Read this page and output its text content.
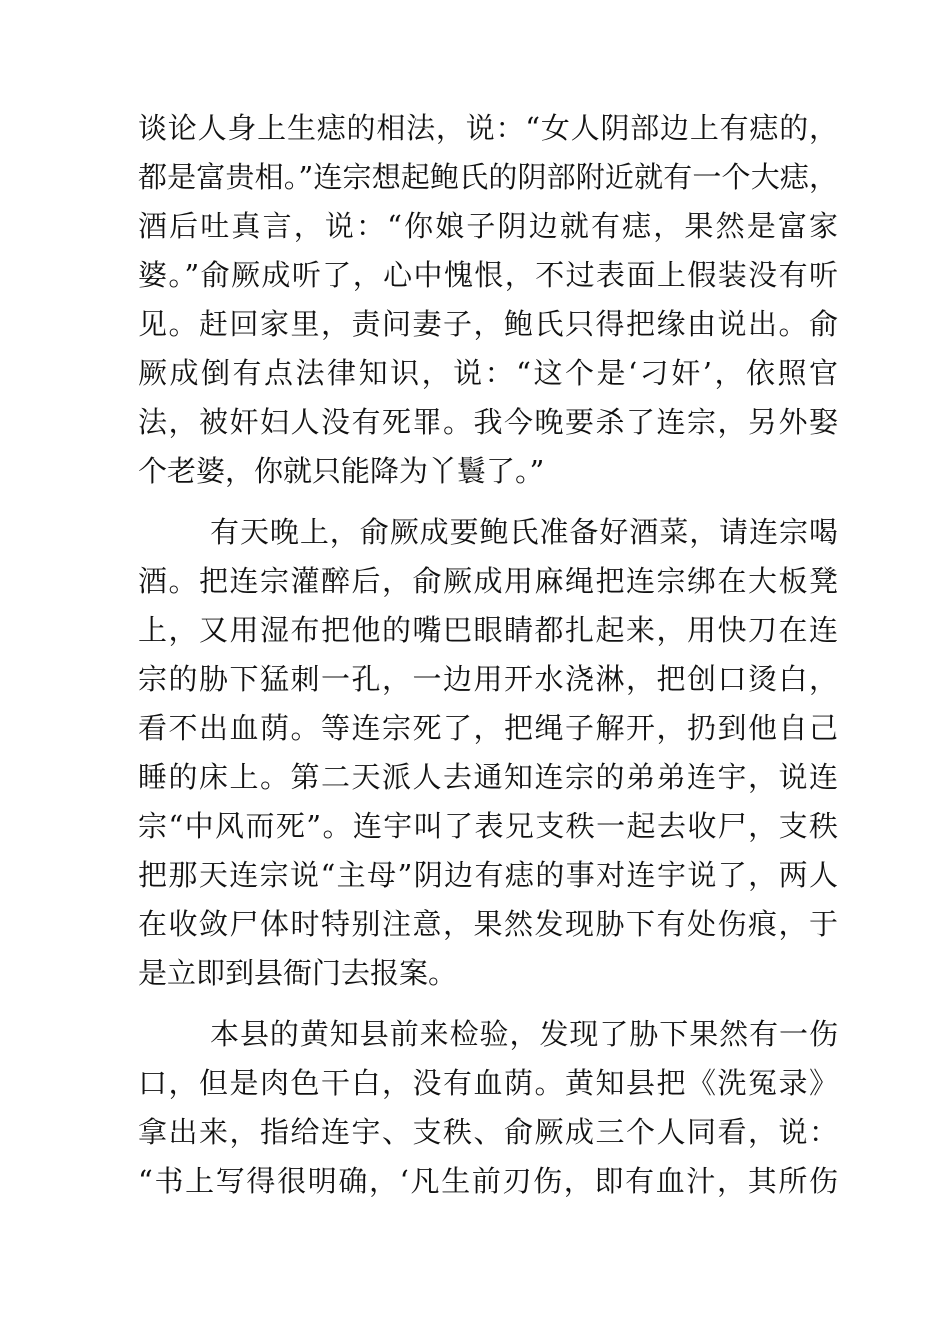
谈论人身上生痣的相法，说：“女人阴部边上有痣的，
都是富贵相。”连宗想起鲍氏的阴部附近就有一个大痣，
酒后吐真言，说：“你娘子阴边就有痣，果然是富家
婆。”俞厥成听了，心中愧恨，不过表面上假装没有听
见。赶回家里，责问妻子，鲍氏只得把缘由说出。俞
厥成倒有点法律知识，说：“这个是‘刁奸’，依照官
法，被奸妇人没有死罪。我今晚要杀了连宗，另外娶
个老婆，你就只能降为丫鬟了。”
有天晚上，俞厥成要鲍氏准备好酒菜，请连宗喝
酒。把连宗灌醉后，俞厥成用麻绳把连宗绑在大板凳
上，又用湿布把他的嘴巴眼睛都扎起来，用快刀在连
宗的胁下猛刺一孔，一边用开水浇淋，把创口烫白，
看不出血荫。等连宗死了，把绳子解开，扔到他自己
睡的床上。第二天派人去通知连宗的弟弟连宇，说连
宗“中风而死”。连宇叫了表兄支秩一起去收尸，支秩
把那天连宗说“主母”阴边有痣的事对连宇说了，两人
在收敛尸体时特别注意，果然发现胁下有处伤痕，于
是立即到县衙门去报案。
本县的黄知县前来检验，发现了胁下果然有一伤
口，但是肉色干白，没有血荫。黄知县把《洗冤录》
拿出来，指给连宇、支秩、俞厥成三个人同看，说：
“书上写得很明确，‘凡生前刃伤，即有血汁，其所伤
